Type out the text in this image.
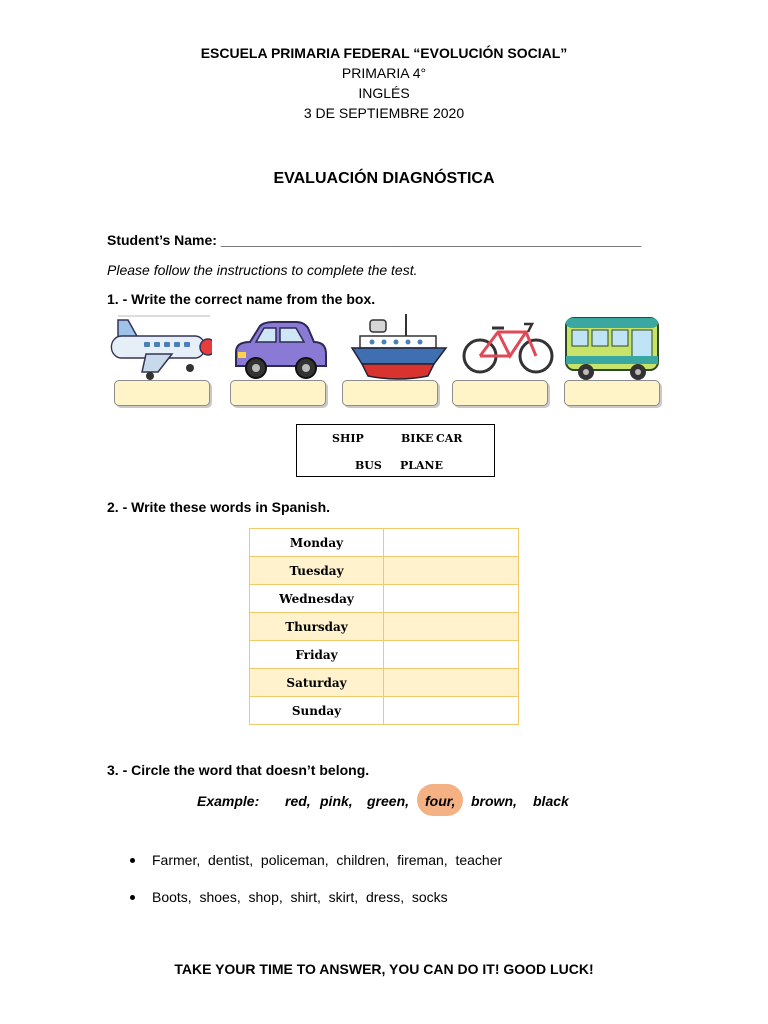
ESCUELA PRIMARIA FEDERAL “EVOLUCIÓN SOCIAL”
PRIMARIA 4°
INGLÉS
3 DE SEPTIEMBRE 2020
EVALUACIÓN DIAGNÓSTICA
Student’s Name: ______________________________________________________
Please follow the instructions to complete the test.
1. - Write the correct name from the box.
SHIP	BIKE CAR
BUS PLANE
2. - Write these words in Spanish.
Monday	
Tuesday	
Wednesday	
Thursday	
Friday	
Saturday	
Sunday	
3. - Circle the word that doesn’t belong.
Example: red, pink, green, four, brown, black
Farmer,  dentist,  policeman,  children,  fireman,  teacher
Boots,  shoes,  shop,  shirt,  skirt,  dress,  socks
TAKE YOUR TIME TO ANSWER, YOU CAN DO IT! GOOD LUCK!
